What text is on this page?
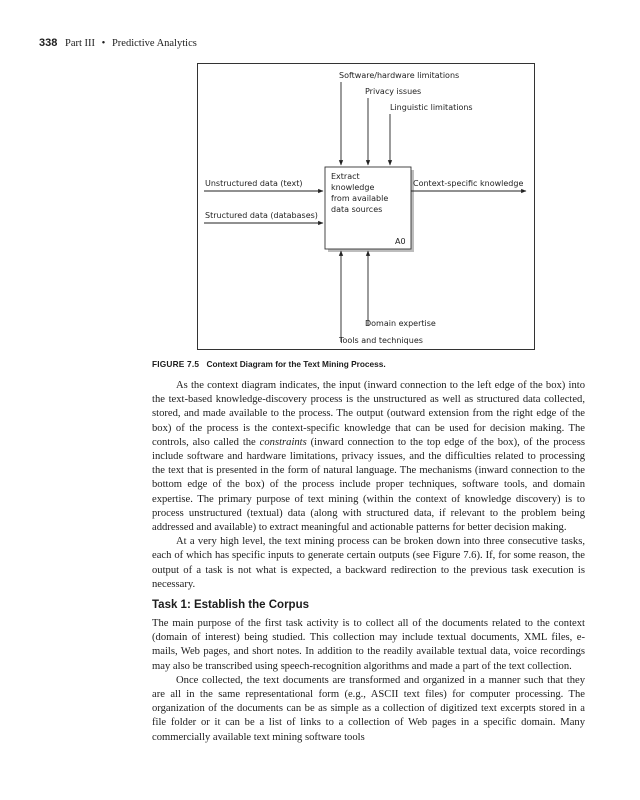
338 Part III • Predictive Analytics
Software/hardware limitations
Privacy issues
Linguistic limitations
Unstructured data (text)
Structured data (databases)
Extract
knowledge
from available
data sources
A0
Context-specific knowledge
Domain expertise
Tools and techniques
FIGURE 7.5 Context Diagram for the Text Mining Process.

As the context diagram indicates, the input (inward connection to the left edge of the box) into the text-based knowledge-discovery process is the unstructured as well as structured data collected, stored, and made available to the process. The output (outward extension from the right edge of the box) of the process is the context-specific knowledge that can be used for decision making. The controls, also called the constraints (inward connection to the top edge of the box), of the process include software and hardware limitations, privacy issues, and the difficulties related to processing the text that is presented in the form of natural language. The mechanisms (inward connection to the bottom edge of the box) of the process include proper techniques, software tools, and domain expertise. The primary purpose of text mining (within the context of knowledge discovery) is to process unstructured (textual) data (along with structured data, if relevant to the problem being addressed and available) to extract meaningful and actionable patterns for better decision making.

At a very high level, the text mining process can be broken down into three consecutive tasks, each of which has specific inputs to generate certain outputs (see Figure 7.6). If, for some reason, the output of a task is not what is expected, a backward redirection to the previous task execution is necessary.

Task 1: Establish the Corpus

The main purpose of the first task activity is to collect all of the documents related to the context (domain of interest) being studied. This collection may include textual documents, XML files, e-mails, Web pages, and short notes. In addition to the readily available textual data, voice recordings may also be transcribed using speech-recognition algorithms and made a part of the text collection.

Once collected, the text documents are transformed and organized in a manner such that they are all in the same representational form (e.g., ASCII text files) for computer processing. The organization of the documents can be as simple as a collection of digitized text excerpts stored in a file folder or it can be a list of links to a collection of Web pages in a specific domain. Many commercially available text mining software tools
